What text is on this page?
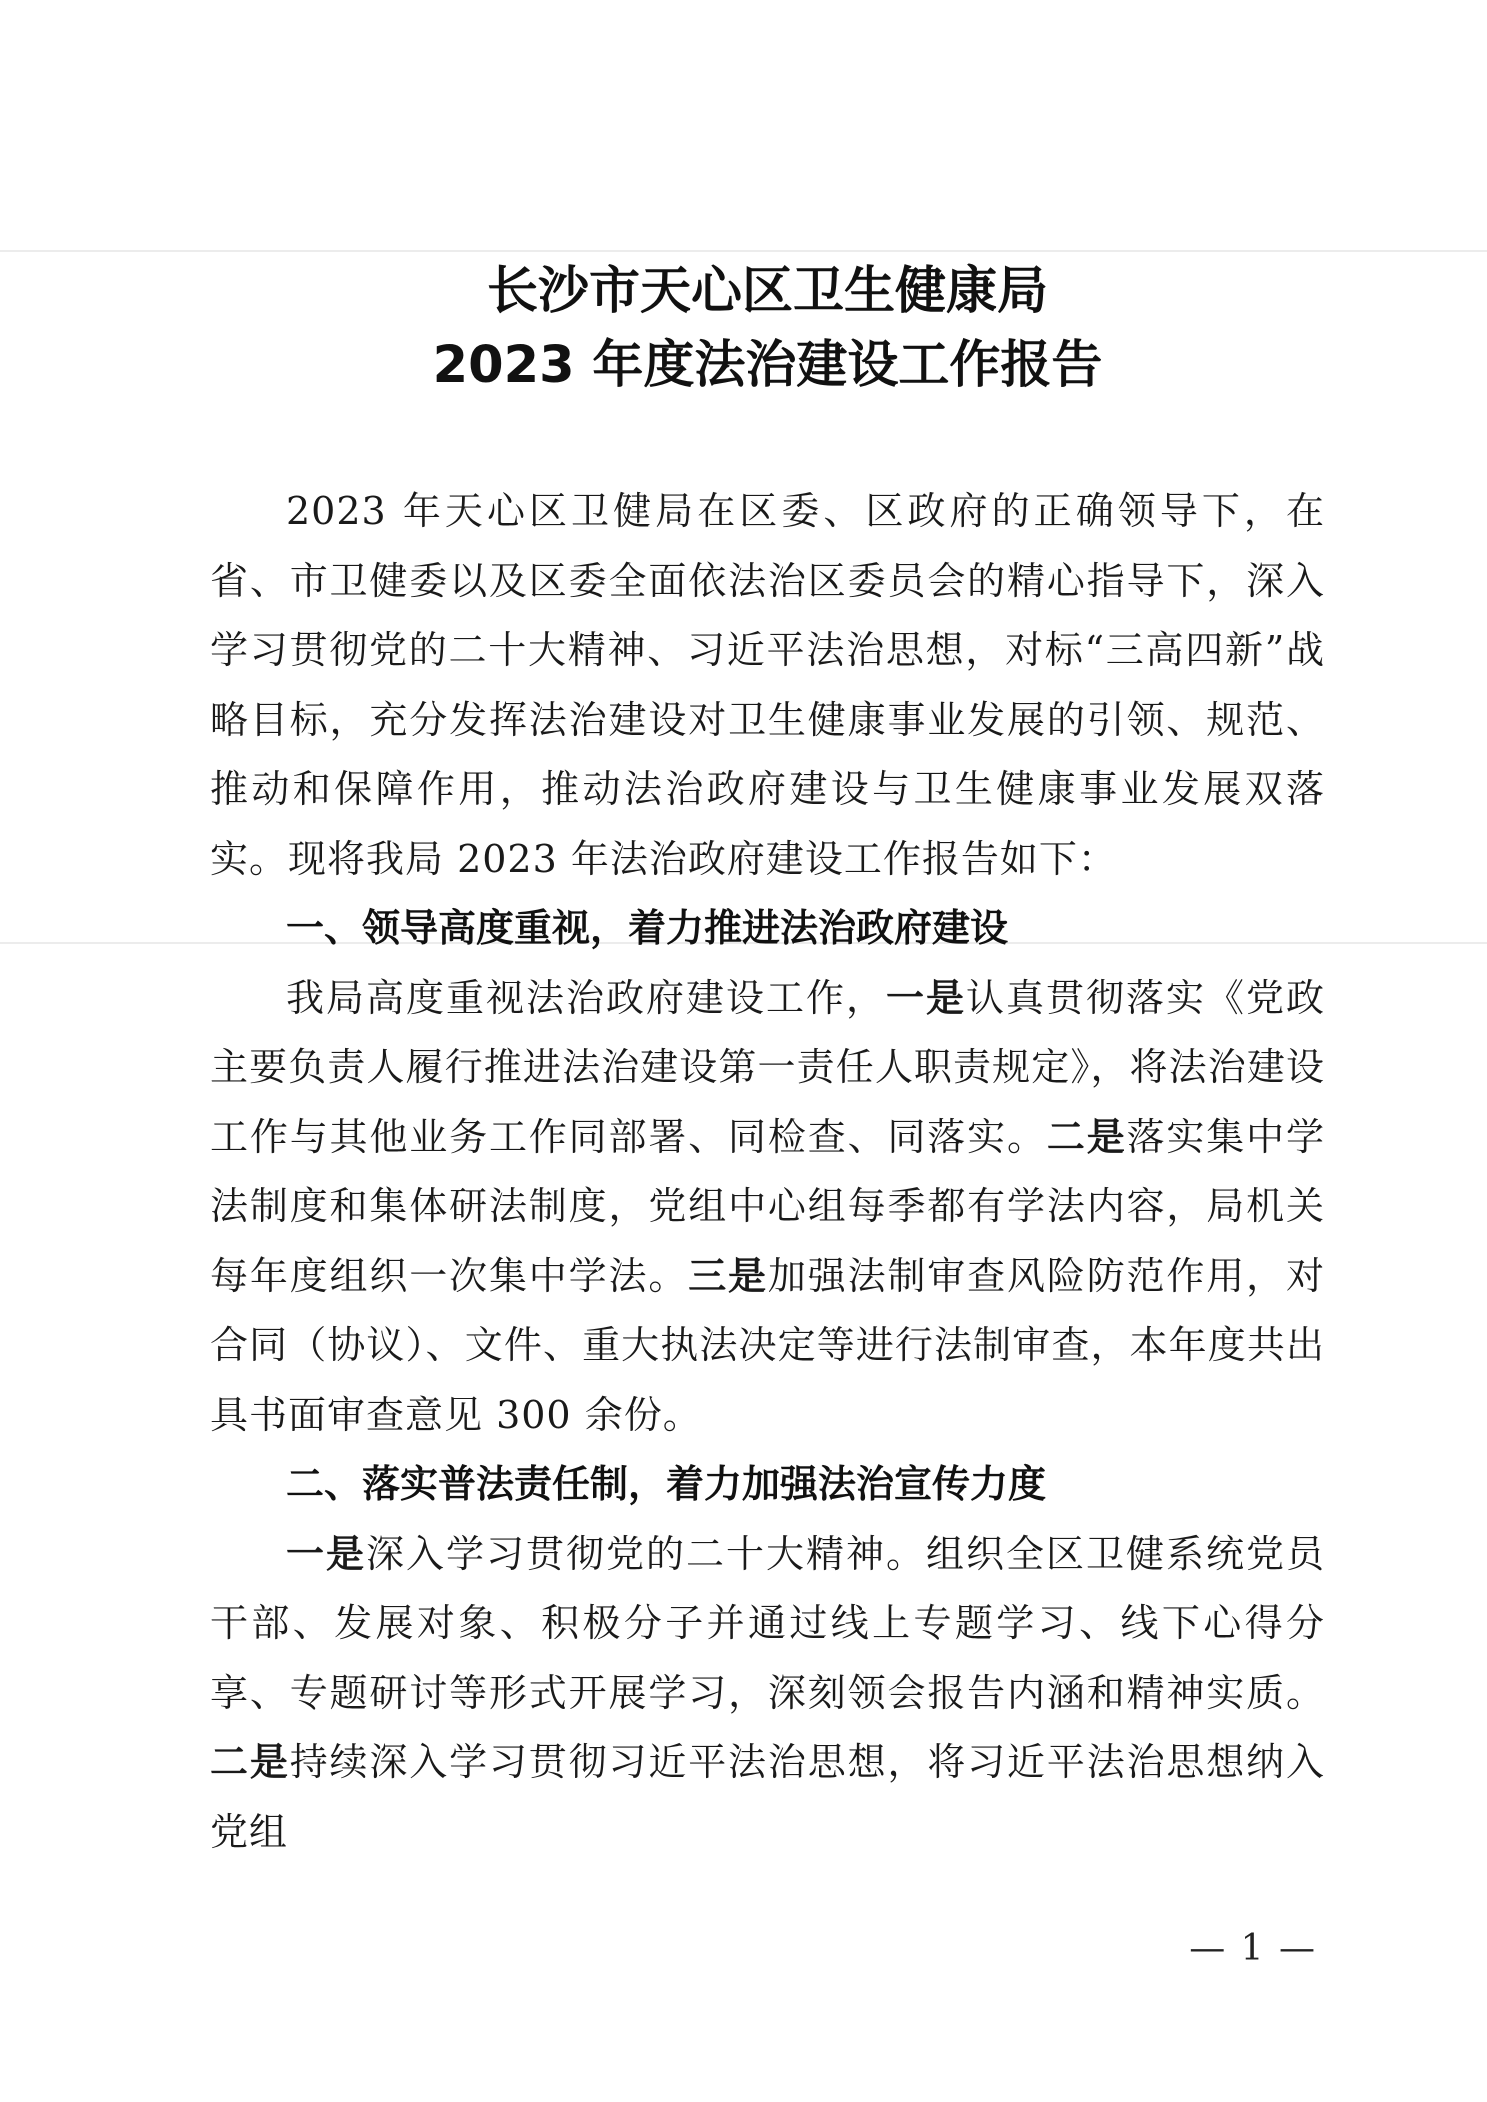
长沙市天心区卫生健康局
2023 年度法治建设工作报告

2023 年天心区卫健局在区委、区政府的正确领导下，在省、市卫健委以及区委全面依法治区委员会的精心指导下，深入学习贯彻党的二十大精神、习近平法治思想，对标“三高四新”战略目标，充分发挥法治建设对卫生健康事业发展的引领、规范、推动和保障作用，推动法治政府建设与卫生健康事业发展双落实。现将我局 2023 年法治政府建设工作报告如下：

一、领导高度重视，着力推进法治政府建设

我局高度重视法治政府建设工作，一是认真贯彻落实《党政主要负责人履行推进法治建设第一责任人职责规定》，将法治建设工作与其他业务工作同部署、同检查、同落实。二是落实集中学法制度和集体研法制度，党组中心组每季都有学法内容，局机关每年度组织一次集中学法。三是加强法制审查风险防范作用，对合同（协议）、文件、重大执法决定等进行法制审查，本年度共出具书面审查意见 300 余份。

二、落实普法责任制，着力加强法治宣传力度

一是深入学习贯彻党的二十大精神。组织全区卫健系统党员干部、发展对象、积极分子并通过线上专题学习、线下心得分享、专题研讨等形式开展学习，深刻领会报告内涵和精神实质。二是持续深入学习贯彻习近平法治思想，将习近平法治思想纳入党组

— 1 —
